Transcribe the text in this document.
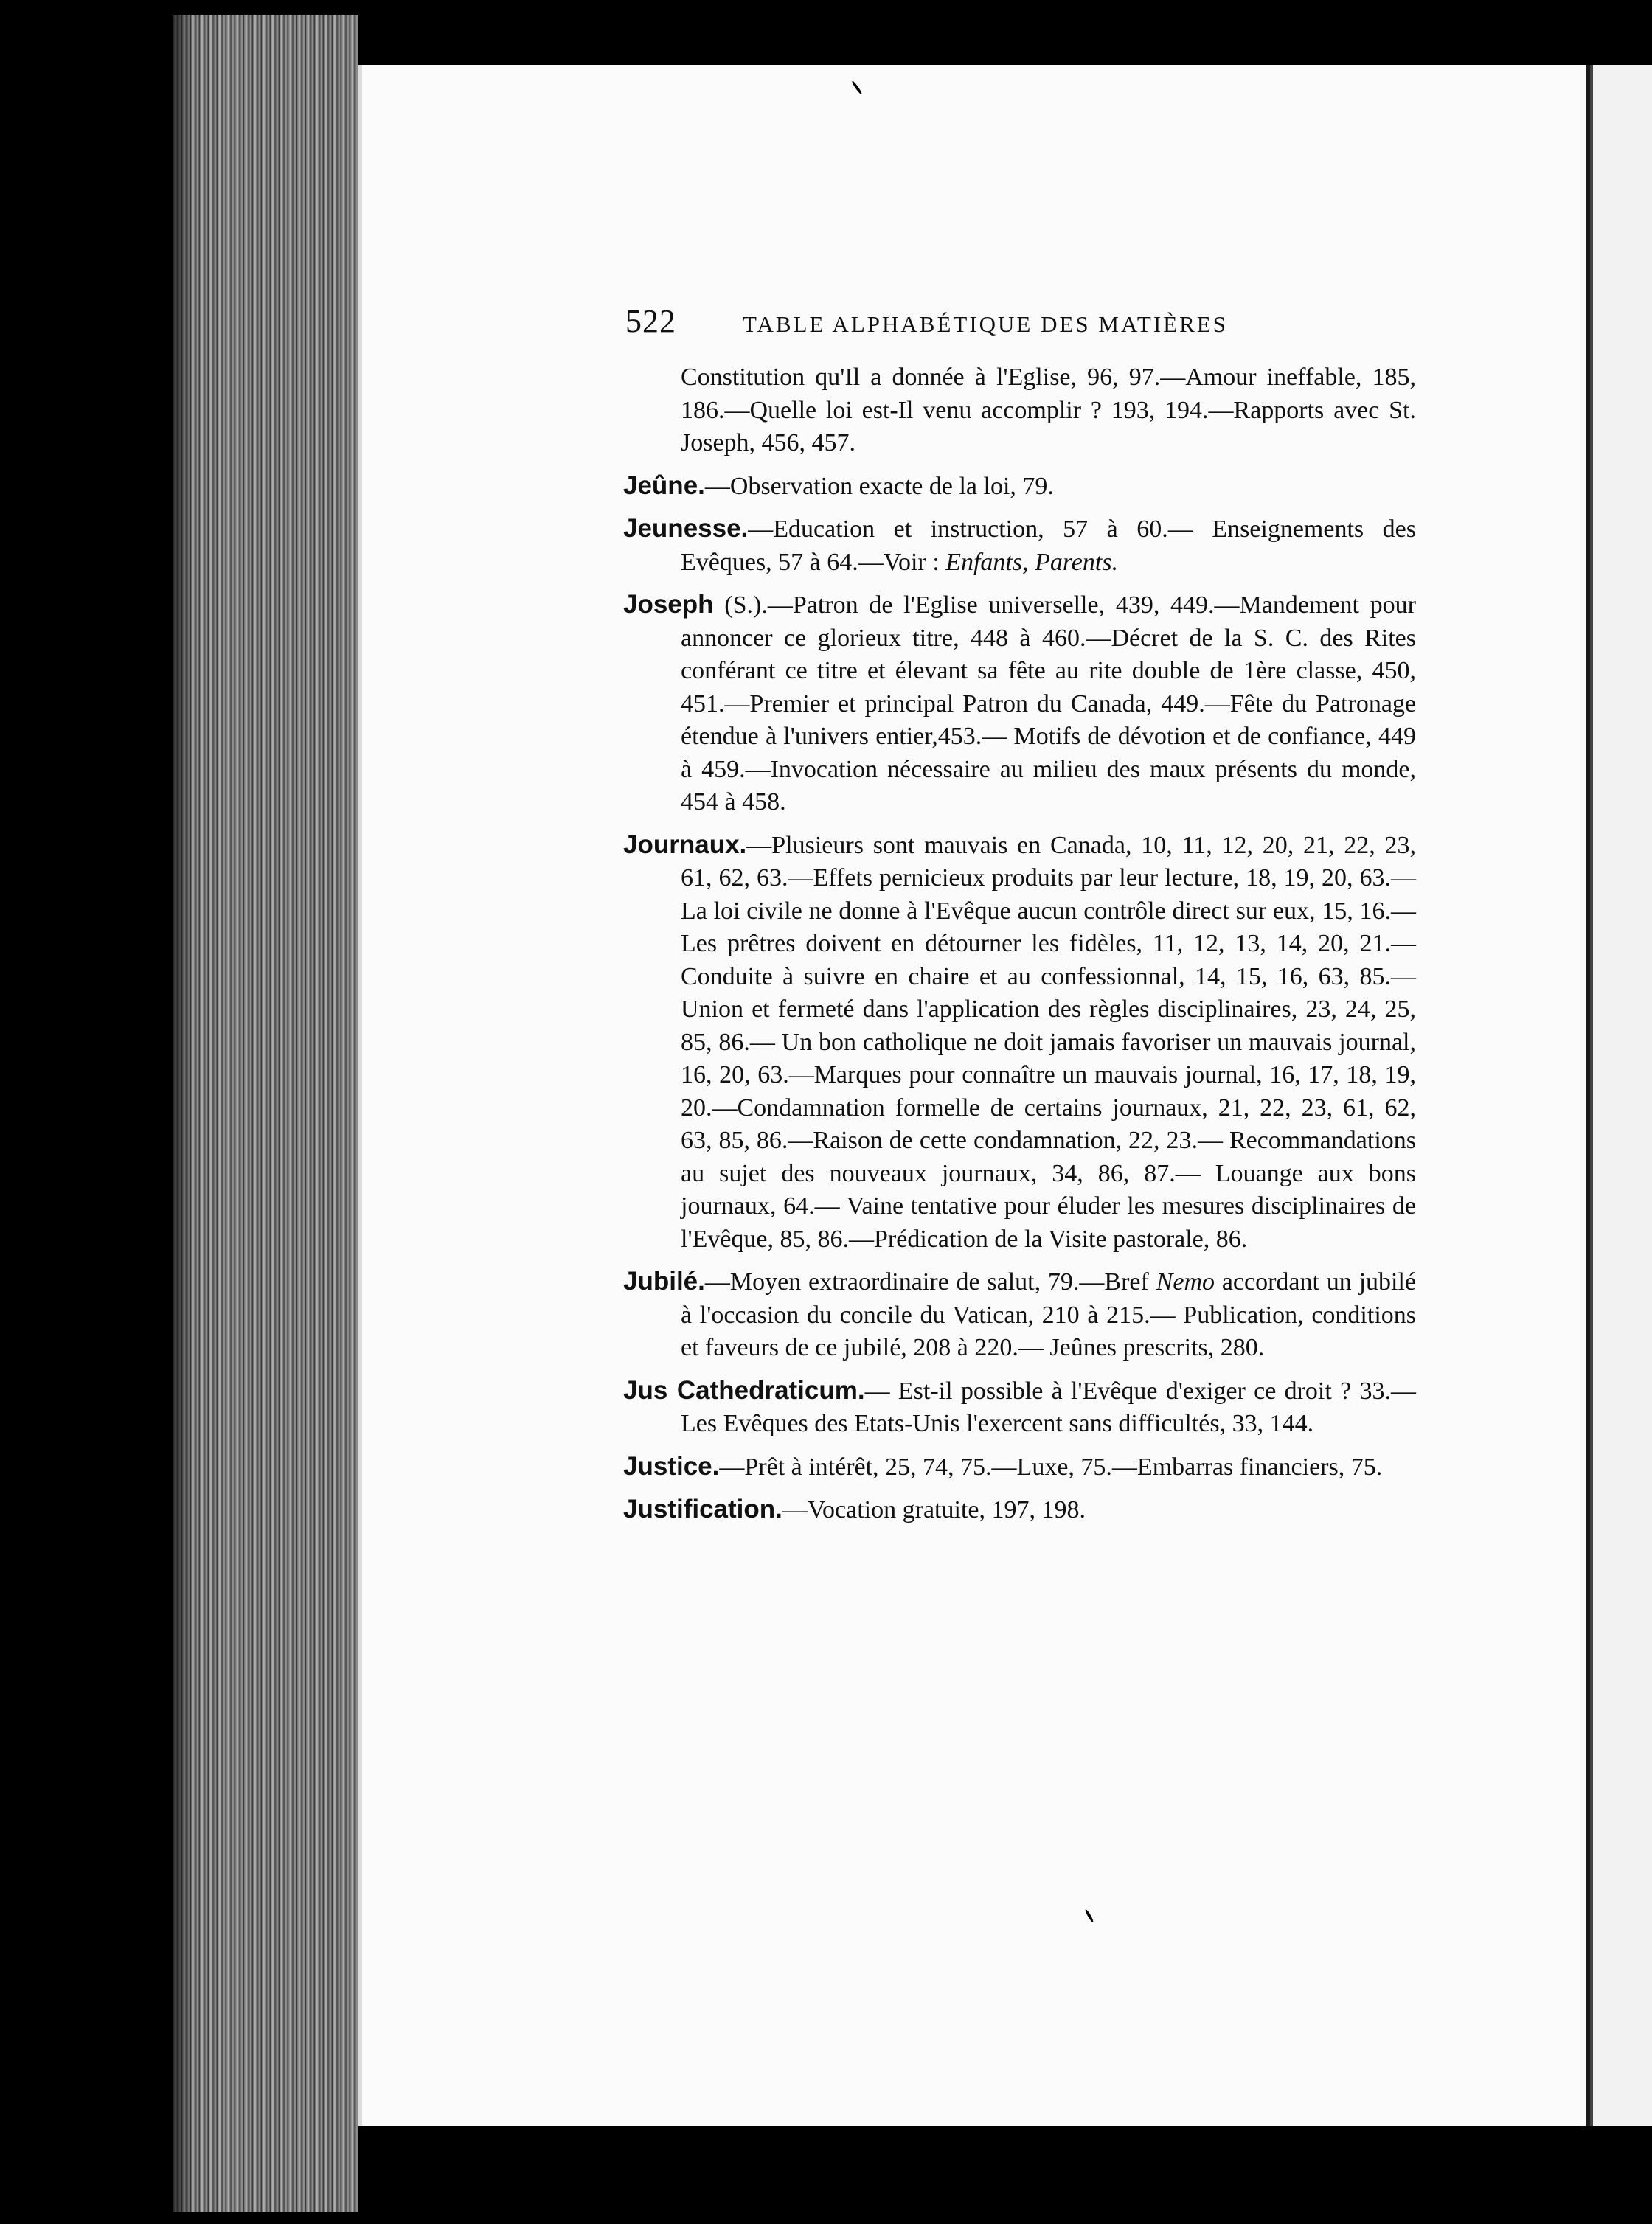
522	TABLE ALPHABÉTIQUE DES MATIÈRES

Constitution qu'Il a donnée à l'Eglise, 96, 97.—Amour ineffable, 185, 186.—Quelle loi est-Il venu accomplir ? 193, 194.—Rapports avec St. Joseph, 456, 457.

Jeûne.—Observation exacte de la loi, 79.

Jeunesse.—Education et instruction, 57 à 60.— Enseignements des Evêques, 57 à 64.—Voir : Enfants, Parents.

Joseph (S.).—Patron de l'Eglise universelle, 439, 449.—Mandement pour annoncer ce glorieux titre, 448 à 460.—Décret de la S. C. des Rites conférant ce titre et élevant sa fête au rite double de 1ère classe, 450, 451.—Premier et principal Patron du Canada, 449.—Fête du Patronage étendue à l'univers entier,453.— Motifs de dévotion et de confiance, 449 à 459.—Invocation nécessaire au milieu des maux présents du monde, 454 à 458.

Journaux.—Plusieurs sont mauvais en Canada, 10, 11, 12, 20, 21, 22, 23, 61, 62, 63.—Effets pernicieux produits par leur lecture, 18, 19, 20, 63.—La loi civile ne donne à l'Evêque aucun contrôle direct sur eux, 15, 16.—Les prêtres doivent en détourner les fidèles, 11, 12, 13, 14, 20, 21.—Conduite à suivre en chaire et au confessionnal, 14, 15, 16, 63, 85.— Union et fermeté dans l'application des règles disciplinaires, 23, 24, 25, 85, 86.— Un bon catholique ne doit jamais favoriser un mauvais journal, 16, 20, 63.—Marques pour connaître un mauvais journal, 16, 17, 18, 19, 20.—Condamnation formelle de certains journaux, 21, 22, 23, 61, 62, 63, 85, 86.—Raison de cette condamnation, 22, 23.— Recommandations au sujet des nouveaux journaux, 34, 86, 87.— Louange aux bons journaux, 64.— Vaine tentative pour éluder les mesures disciplinaires de l'Evêque, 85, 86.—Prédication de la Visite pastorale, 86.

Jubilé.—Moyen extraordinaire de salut, 79.—Bref Nemo accordant un jubilé à l'occasion du concile du Vatican, 210 à 215.— Publication, conditions et faveurs de ce jubilé, 208 à 220.— Jeûnes prescrits, 280.

Jus Cathedraticum.— Est-il possible à l'Evêque d'exiger ce droit ? 33.—Les Evêques des Etats-Unis l'exercent sans difficultés, 33, 144.

Justice.—Prêt à intérêt, 25, 74, 75.—Luxe, 75.—Embarras financiers, 75.

Justification.—Vocation gratuite, 197, 198.
